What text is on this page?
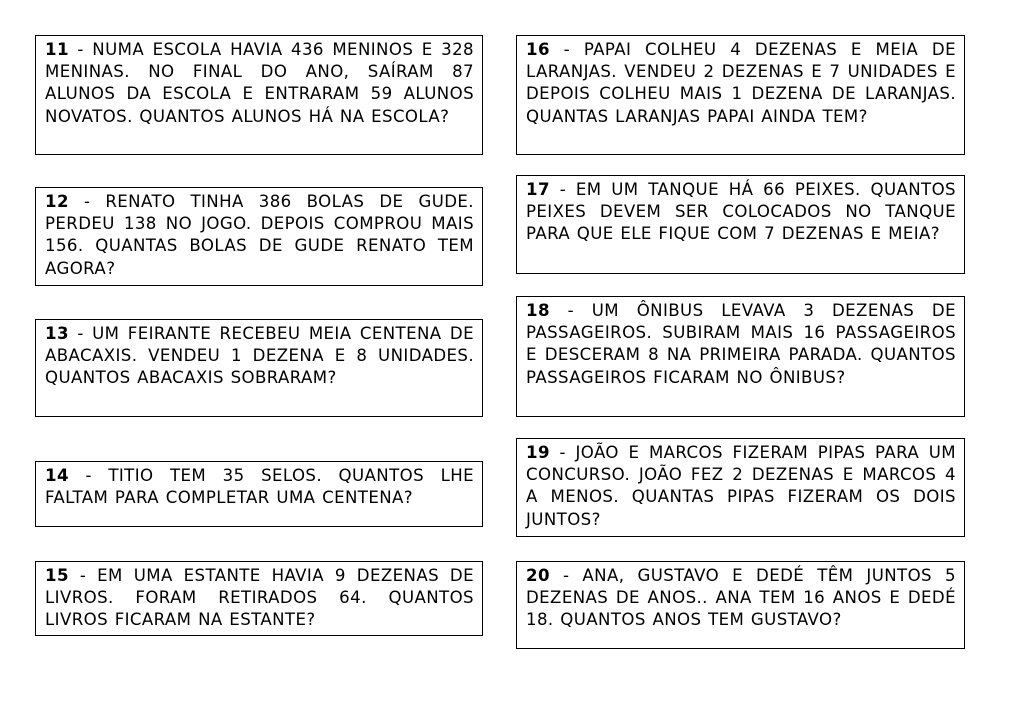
11 - NUMA ESCOLA HAVIA 436 MENINOS E 328 MENINAS. NO FINAL DO ANO, SAÍRAM 87 ALUNOS DA ESCOLA E ENTRARAM 59 ALUNOS NOVATOS. QUANTOS ALUNOS HÁ NA ESCOLA?
12 - RENATO TINHA 386 BOLAS DE GUDE. PERDEU 138 NO JOGO. DEPOIS COMPROU MAIS 156. QUANTAS BOLAS DE GUDE RENATO TEM AGORA?
13 - UM FEIRANTE RECEBEU MEIA CENTENA DE ABACAXIS. VENDEU 1 DEZENA E 8 UNIDADES. QUANTOS ABACAXIS SOBRARAM?
14 - TITIO TEM 35 SELOS. QUANTOS LHE FALTAM PARA COMPLETAR UMA CENTENA?
15 - EM UMA ESTANTE HAVIA 9 DEZENAS DE LIVROS. FORAM RETIRADOS 64. QUANTOS LIVROS FICARAM NA ESTANTE?
16 - PAPAI COLHEU 4 DEZENAS E MEIA DE LARANJAS. VENDEU 2 DEZENAS E 7 UNIDADES E DEPOIS COLHEU MAIS 1 DEZENA DE LARANJAS. QUANTAS LARANJAS PAPAI AINDA TEM?
17 - EM UM TANQUE HÁ 66 PEIXES. QUANTOS PEIXES DEVEM SER COLOCADOS NO TANQUE PARA QUE ELE FIQUE COM 7 DEZENAS E MEIA?
18 - UM ÔNIBUS LEVAVA 3 DEZENAS DE PASSAGEIROS. SUBIRAM MAIS 16 PASSAGEIROS E DESCERAM 8 NA PRIMEIRA PARADA. QUANTOS PASSAGEIROS FICARAM NO ÔNIBUS?
19 - JOÃO E MARCOS FIZERAM PIPAS PARA UM CONCURSO. JOÃO FEZ 2 DEZENAS E MARCOS 4 A MENOS. QUANTAS PIPAS FIZERAM OS DOIS JUNTOS?
20 - ANA, GUSTAVO E DEDÉ TÊM JUNTOS 5 DEZENAS DE ANOS.. ANA TEM 16 ANOS E DEDÉ 18. QUANTOS ANOS TEM GUSTAVO?
